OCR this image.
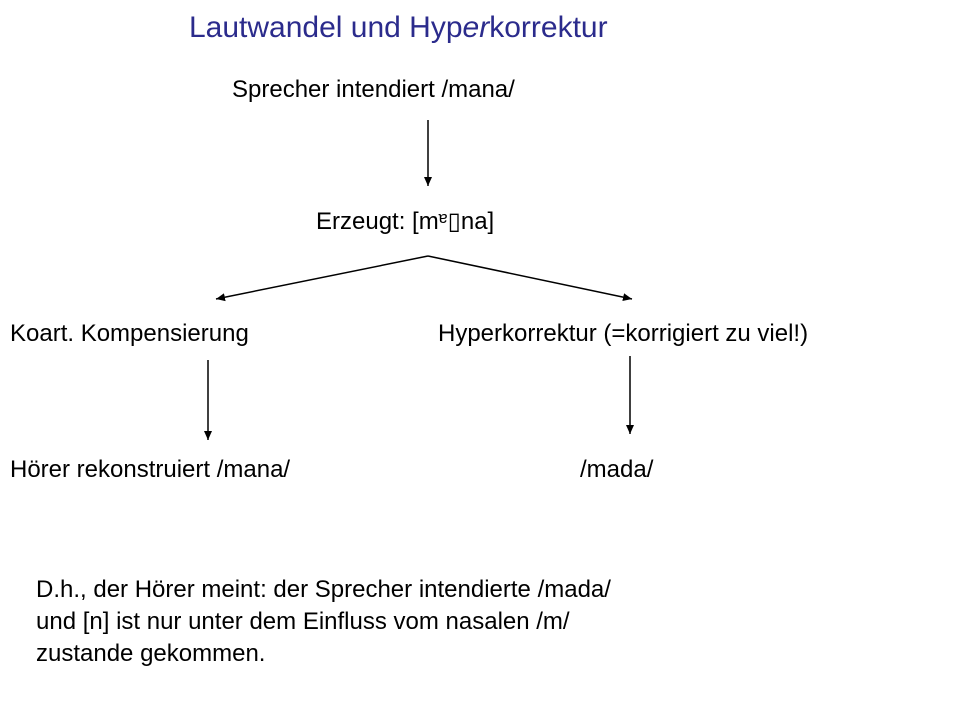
Lautwandel und Hyperkorrektur
Sprecher intendiert /mana/
Erzeugt: [mᵄ▯na]
Koart. Kompensierung	Hyperkorrektur (=korrigiert zu viel!)
Hörer rekonstruiert /mana/	/mada/
D.h., der Hörer meint: der Sprecher intendierte /mada/
und [n] ist nur unter dem Einfluss vom nasalen /m/
zustande gekommen.
